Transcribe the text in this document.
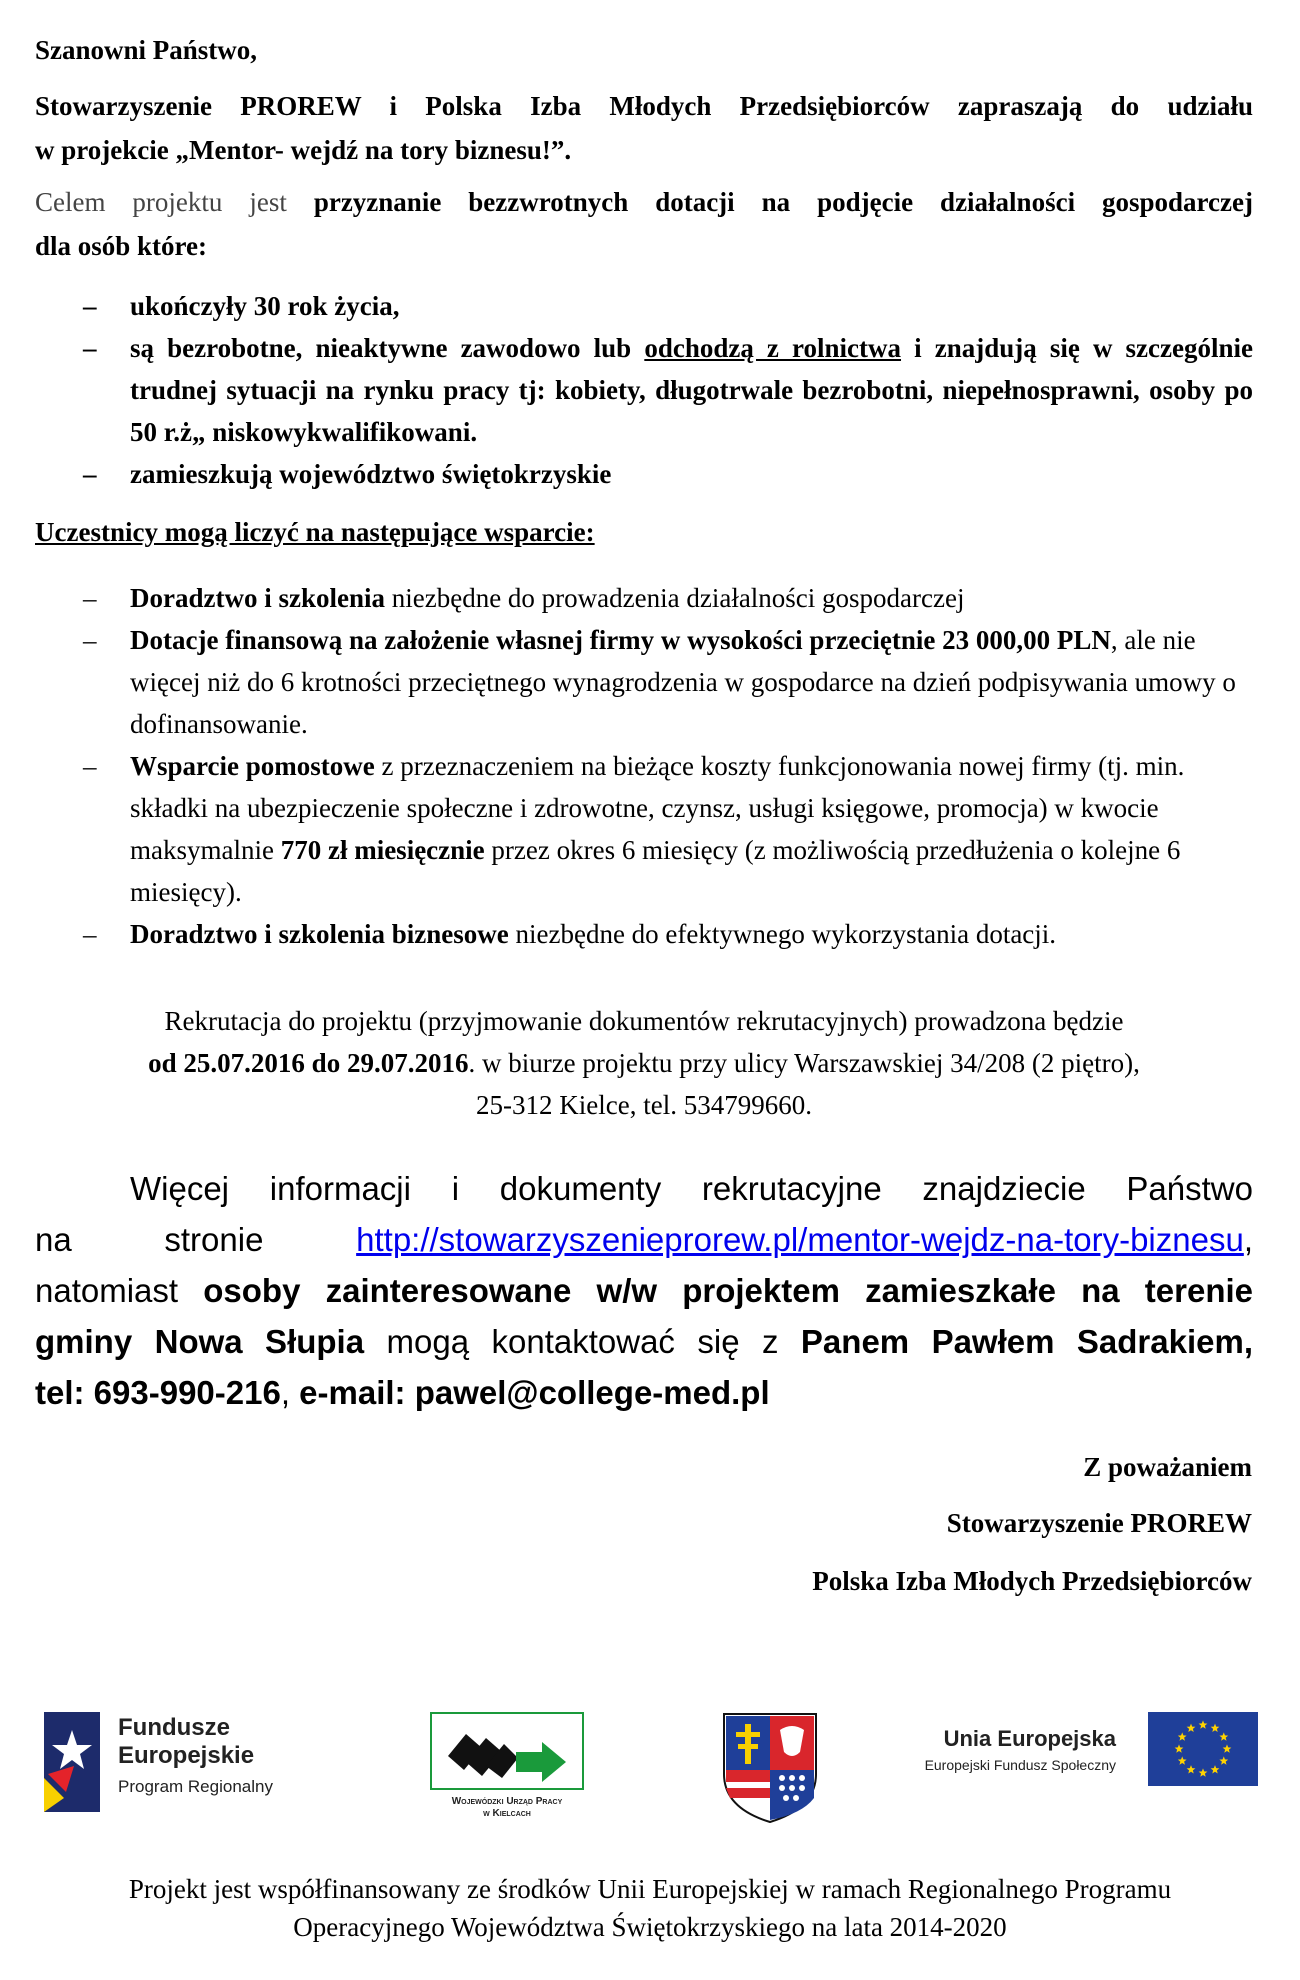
Szanowni Państwo,
Stowarzyszenie PROREW i Polska Izba Młodych Przedsiębiorców zapraszają do udziału
w projekcie „Mentor- wejdź na tory biznesu!”.
Celem projektu jest przyznanie bezzwrotnych dotacji na podjęcie działalności gospodarczej
dla osób które:
– ukończyły 30 rok życia,
– są bezrobotne, nieaktywne zawodowo lub odchodzą z rolnictwa i znajdują się w szczególnie trudnej sytuacji na rynku pracy tj: kobiety, długotrwale bezrobotni, niepełnosprawni, osoby po 50 r.ż„ niskowykwalifikowani.
– zamieszkują województwo świętokrzyskie
Uczestnicy mogą liczyć na następujące wsparcie:
– Doradztwo i szkolenia niezbędne do prowadzenia działalności gospodarczej
– Dotacje finansową na założenie własnej firmy w wysokości przeciętnie 23 000,00 PLN, ale nie więcej niż do 6 krotności przeciętnego wynagrodzenia w gospodarce na dzień podpisywania umowy o dofinansowanie.
– Wsparcie pomostowe z przeznaczeniem na bieżące koszty funkcjonowania nowej firmy (tj. min. składki na ubezpieczenie społeczne i zdrowotne, czynsz, usługi księgowe, promocja) w kwocie maksymalnie 770 zł miesięcznie przez okres 6 miesięcy (z możliwością przedłużenia o kolejne 6 miesięcy).
– Doradztwo i szkolenia biznesowe niezbędne do efektywnego wykorzystania dotacji.
Rekrutacja do projektu (przyjmowanie dokumentów rekrutacyjnych) prowadzona będzie
od 25.07.2016 do 29.07.2016. w biurze projektu przy ulicy Warszawskiej 34/208 (2 piętro),
25-312 Kielce, tel. 534799660.
Więcej informacji i dokumenty rekrutacyjne znajdziecie Państwo
na	stronie	http://stowarzyszenieprorew.pl/mentor-wejdz-na-tory-biznesu,
natomiast osoby zainteresowane w/w projektem zamieszkałe na terenie
gminy Nowa Słupia mogą kontaktować się z Panem Pawłem Sadrakiem,
tel: 693-990-216, e-mail: pawel@college-med.pl
Z poważaniem
Stowarzyszenie PROREW
Polska Izba Młodych Przedsiębiorców
Fundusze
Europejskie
Program Regionalny
Wojewódzki Urząd Pracy
w Kielcach
Unia Europejska
Europejski Fundusz Społeczny
Projekt jest współfinansowany ze środków Unii Europejskiej w ramach Regionalnego Programu
Operacyjnego Województwa Świętokrzyskiego na lata 2014-2020
